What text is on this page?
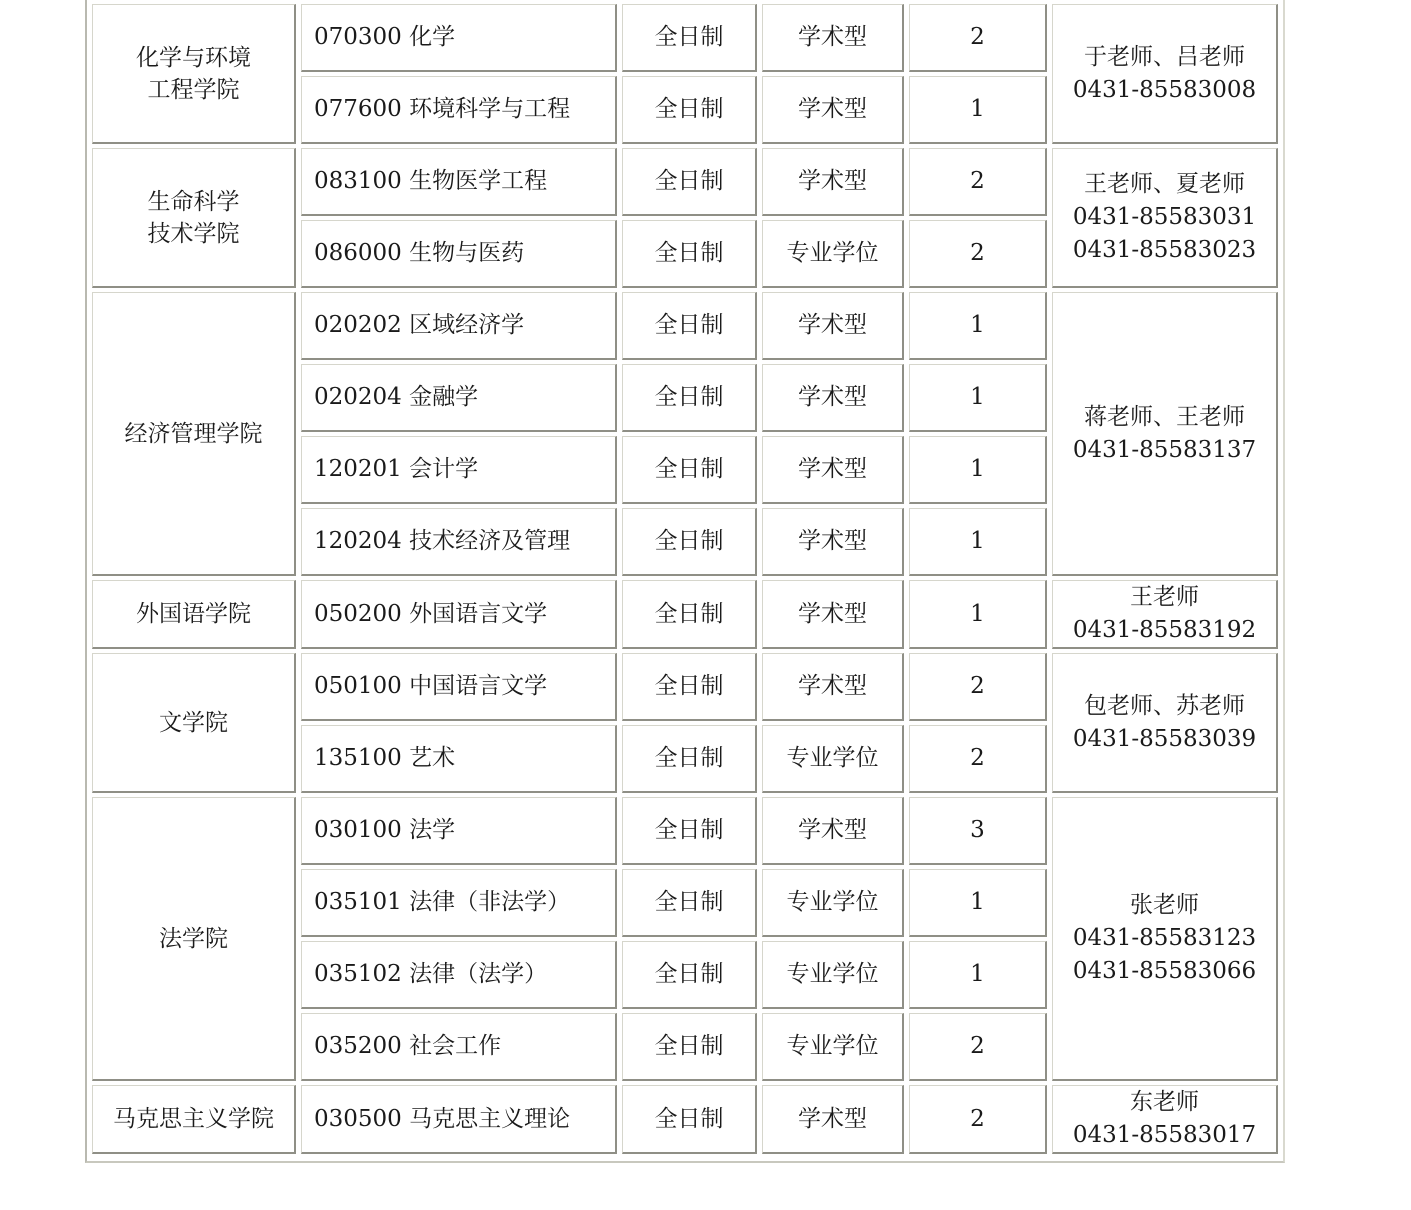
化学与环境
工程学院	070300 化学	全日制	学术型	2	于老师、吕老师
0431-85583008

	077600 环境科学与工程	全日制	学术型	1	

生命科学
技术学院	083100 生物医学工程	全日制	学术型	2	王老师、夏老师
0431-85583031
0431-85583023

	086000 生物与医药	全日制	专业学位	2	

经济管理学院	020202 区域经济学	全日制	学术型	1	蒋老师、王老师
0431-85583137

	020204 金融学	全日制	学术型	1	
	120201 会计学	全日制	学术型	1	
	120204 技术经济及管理	全日制	学术型	1	

外国语学院	050200 外国语言文学	全日制	学术型	1	王老师
0431-85583192

文学院	050100 中国语言文学	全日制	学术型	2	包老师、苏老师
0431-85583039

	135100 艺术	全日制	专业学位	2	

法学院	030100 法学	全日制	学术型	3	张老师
0431-85583123
0431-85583066

	035101 法律（非法学）	全日制	专业学位	1	
	035102 法律（法学）	全日制	专业学位	1	
	035200 社会工作	全日制	专业学位	2	

马克思主义学院	030500 马克思主义理论	全日制	学术型	2	东老师
0431-85583017
